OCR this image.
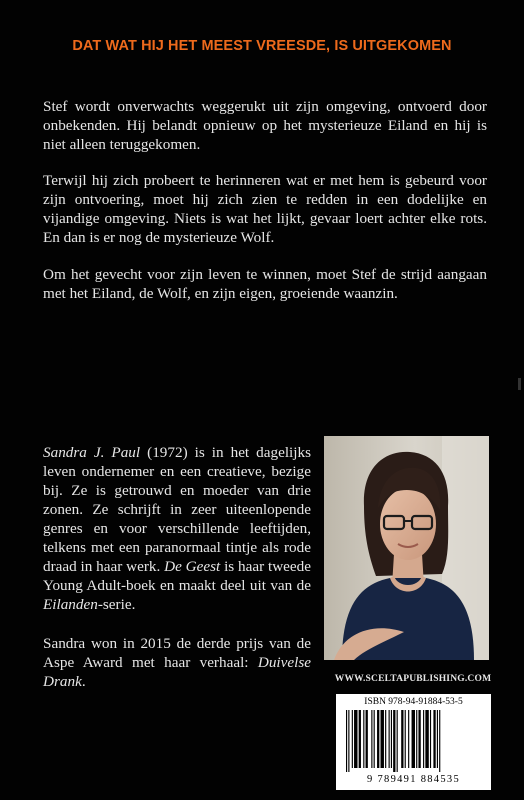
DAT WAT HIJ HET MEEST VREESDE, IS UITGEKOMEN

Stef wordt onverwachts weggerukt uit zijn omgeving, ontvoerd door onbekenden. Hij belandt opnieuw op het mysterieuze Eiland en hij is niet alleen teruggekomen.

Terwijl hij zich probeert te herinneren wat er met hem is gebeurd voor zijn ontvoering, moet hij zich zien te redden in een dodelijke en vijandige omgeving. Niets is wat het lijkt, gevaar loert achter elke rots. En dan is er nog de mysterieuze Wolf.

Om het gevecht voor zijn leven te winnen, moet Stef de strijd aangaan met het Eiland, de Wolf, en zijn eigen, groeiende waanzin.

Sandra J. Paul (1972) is in het dagelijks leven ondernemer en een creatieve, bezige bij. Ze is getrouwd en moeder van drie zonen. Ze schrijft in zeer uiteenlopende genres en voor verschillende leeftijden, telkens met een paranormaal tintje als rode draad in haar werk. De Geest is haar tweede Young Adult-boek en maakt deel uit van de Eilanden-serie.

Sandra won in 2015 de derde prijs van de Aspe Award met haar verhaal: Duivelse Drank.	WWW.SCELTAPUBLISHING.COM
ISBN 978-94-91884-53-5
9 789491 884535
